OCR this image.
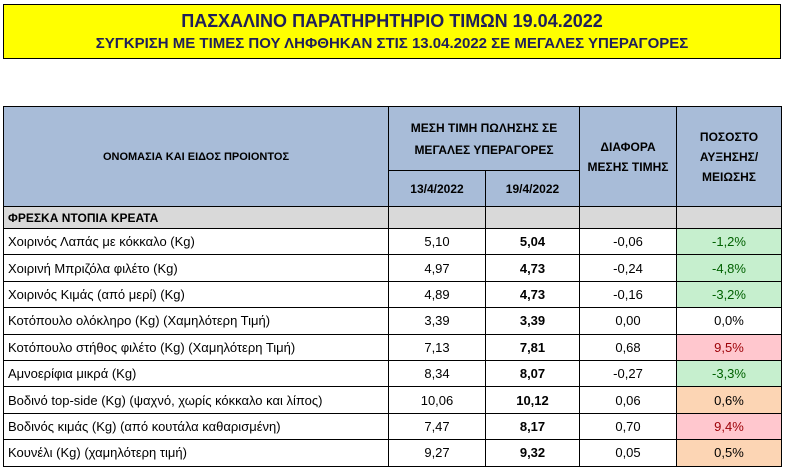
ΠΑΣΧΑΛΙΝΟ ΠΑΡΑΤΗΡΗΤΗΡΙΟ ΤΙΜΩΝ 19.04.2022
ΣΥΓΚΡΙΣΗ ΜΕ ΤΙΜΕΣ ΠΟΥ ΛΗΦΘΗΚΑΝ ΣΤΙΣ 13.04.2022 ΣΕ ΜΕΓΑΛΕΣ ΥΠΕΡΑΓΟΡΕΣ
ΟΝΟΜΑΣΙΑ ΚΑΙ ΕΙΔΟΣ ΠΡΟΙΟΝΤΟΣ	ΜΕΣΗ ΤΙΜΗ ΠΩΛΗΣΗΣ ΣΕ ΜΕΓΑΛΕΣ ΥΠΕΡΑΓΟΡΕΣ		ΔΙΑΦΟΡΑ ΜΕΣΗΣ ΤΙΜΗΣ	ΠΟΣΟΣΤΟ ΑΥΞΗΣΗΣ/ ΜΕΙΩΣΗΣ
	13/4/2022	19/4/2022		
ΦΡΕΣΚΑ ΝΤΟΠΙΑ ΚΡΕΑΤΑ				
Χοιρινός Λαπάς με κόκκαλο (Kg)	5,10	5,04	-0,06	-1,2%
Χοιρινή Μπριζόλα φιλέτο (Kg)	4,97	4,73	-0,24	-4,8%
Χοιρινός Κιμάς (από μερί) (Kg)	4,89	4,73	-0,16	-3,2%
Κοτόπουλο ολόκληρο (Kg) (Χαμηλότερη Τιμή)	3,39	3,39	0,00	0,0%
Κοτόπουλο στήθος φιλέτο (Kg) (Χαμηλότερη Τιμή)	7,13	7,81	0,68	9,5%
Αμνοερίφια μικρά (Kg)	8,34	8,07	-0,27	-3,3%
Βοδινό top-side (Kg) (ψαχνό, χωρίς κόκκαλο και λίπος)	10,06	10,12	0,06	0,6%
Βοδινός κιμάς (Kg) (από κουτάλα καθαρισμένη)	7,47	8,17	0,70	9,4%
Κουνέλι (Kg) (χαμηλότερη τιμή)	9,27	9,32	0,05	0,5%
